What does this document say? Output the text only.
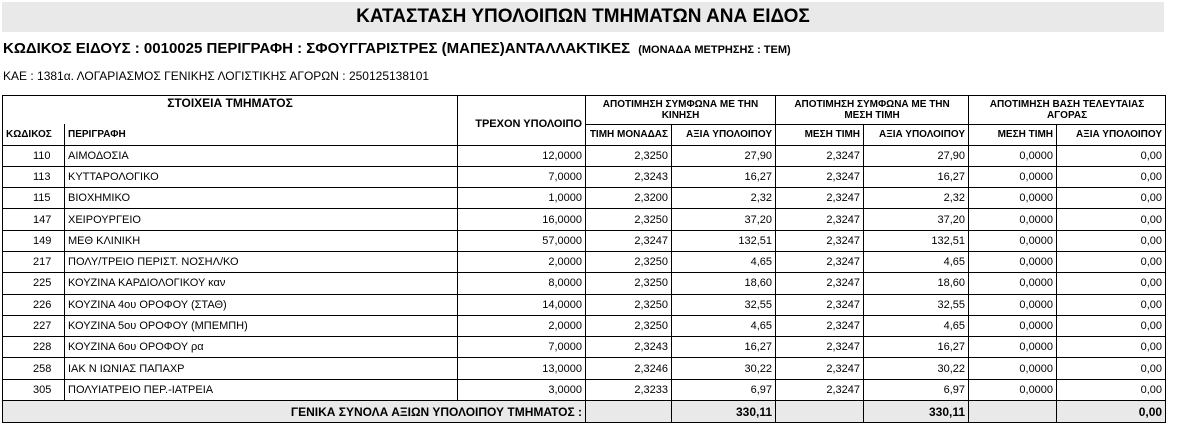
ΚΑΤΑΣΤΑΣΗ ΥΠΟΛΟΙΠΩΝ ΤΜΗΜΑΤΩΝ ΑΝΑ ΕΙΔΟΣ
ΚΩΔΙΚΟΣ ΕΙΔΟΥΣ : 0010025 ΠΕΡΙΓΡΑΦΗ : ΣΦΟΥΓΓΑΡΙΣΤΡΕΣ (ΜΑΠΕΣ)ΑΝΤΑΛΛΑΚΤΙΚΕΣ (ΜΟΝΑΔΑ ΜΕΤΡΗΣΗΣ : ΤΕΜ)
ΚΑΕ : 1381α. ΛΟΓΑΡΙΑΣΜΟΣ ΓΕΝΙΚΗΣ ΛΟΓΙΣΤΙΚΗΣ ΑΓΟΡΩΝ : 250125138101
ΣΤΟΙΧΕΙΑ ΤΜΗΜΑΤΟΣ		ΤΡΕΧΟΝ ΥΠΟΛΟΙΠΟ	ΑΠΟΤΙΜΗΣΗ ΣΥΜΦΩΝΑ ΜΕ ΤΗΝ ΚΙΝΗΣΗ		ΑΠΟΤΙΜΗΣΗ ΣΥΜΦΩΝΑ ΜΕ ΤΗΝ ΜΕΣΗ ΤΙΜΗ		ΑΠΟΤΙΜΗΣΗ ΒΑΣΗ ΤΕΛΕΥΤΑΙΑΣ ΑΓΟΡΑΣ	
ΚΩΔΙΚΟΣ	ΠΕΡΙΓΡΑΦΗ		ΤΙΜΗ ΜΟΝΑΔΑΣ	ΑΞΙΑ ΥΠΟΛΟΙΠΟΥ	ΜΕΣΗ ΤΙΜΗ	ΑΞΙΑ ΥΠΟΛΟΙΠΟΥ	ΜΕΣΗ ΤΙΜΗ	ΑΞΙΑ ΥΠΟΛΟΙΠΟΥ
110	ΑΙΜΟΔΟΣΙΑ	12,0000	2,3250	27,90	2,3247	27,90	0,0000	0,00
113	ΚΥΤΤΑΡΟΛΟΓΙΚΟ	7,0000	2,3243	16,27	2,3247	16,27	0,0000	0,00
115	ΒΙΟΧΗΜΙΚΟ	1,0000	2,3200	2,32	2,3247	2,32	0,0000	0,00
147	ΧΕΙΡΟΥΡΓΕΙΟ	16,0000	2,3250	37,20	2,3247	37,20	0,0000	0,00
149	ΜΕΘ ΚΛΙΝΙΚΗ	57,0000	2,3247	132,51	2,3247	132,51	0,0000	0,00
217	ΠΟΛΥ/ΤΡΕΙΟ ΠΕΡΙΣΤ. ΝΟΣΗΛ/ΚΟ	2,0000	2,3250	4,65	2,3247	4,65	0,0000	0,00
225	ΚΟΥΖΙΝΑ ΚΑΡΔΙΟΛΟΓΙΚΟΥ καν	8,0000	2,3250	18,60	2,3247	18,60	0,0000	0,00
226	ΚΟΥΖΙΝΑ 4ου ΟΡΟΦΟΥ (ΣΤΑΘ)	14,0000	2,3250	32,55	2,3247	32,55	0,0000	0,00
227	ΚΟΥΖΙΝΑ 5ου ΟΡΟΦΟΥ (ΜΠΕΜΠΗ)	2,0000	2,3250	4,65	2,3247	4,65	0,0000	0,00
228	ΚΟΥΖΙΝΑ 6ου ΟΡΟΦΟΥ ρα	7,0000	2,3243	16,27	2,3247	16,27	0,0000	0,00
258	ΙΑΚ Ν ΙΩΝΙΑΣ ΠΑΠΑΧΡ	13,0000	2,3246	30,22	2,3247	30,22	0,0000	0,00
305	ΠΟΛΥΙΑΤΡΕΙΟ ΠΕΡ.-ΙΑΤΡΕΙΑ	3,0000	2,3233	6,97	2,3247	6,97	0,0000	0,00
	ΓΕΝΙΚΑ ΣΥΝΟΛΑ ΑΞΙΩΝ ΥΠΟΛΟΙΠΟΥ ΤΜΗΜΑΤΟΣ :			330,11		330,11		0,00
